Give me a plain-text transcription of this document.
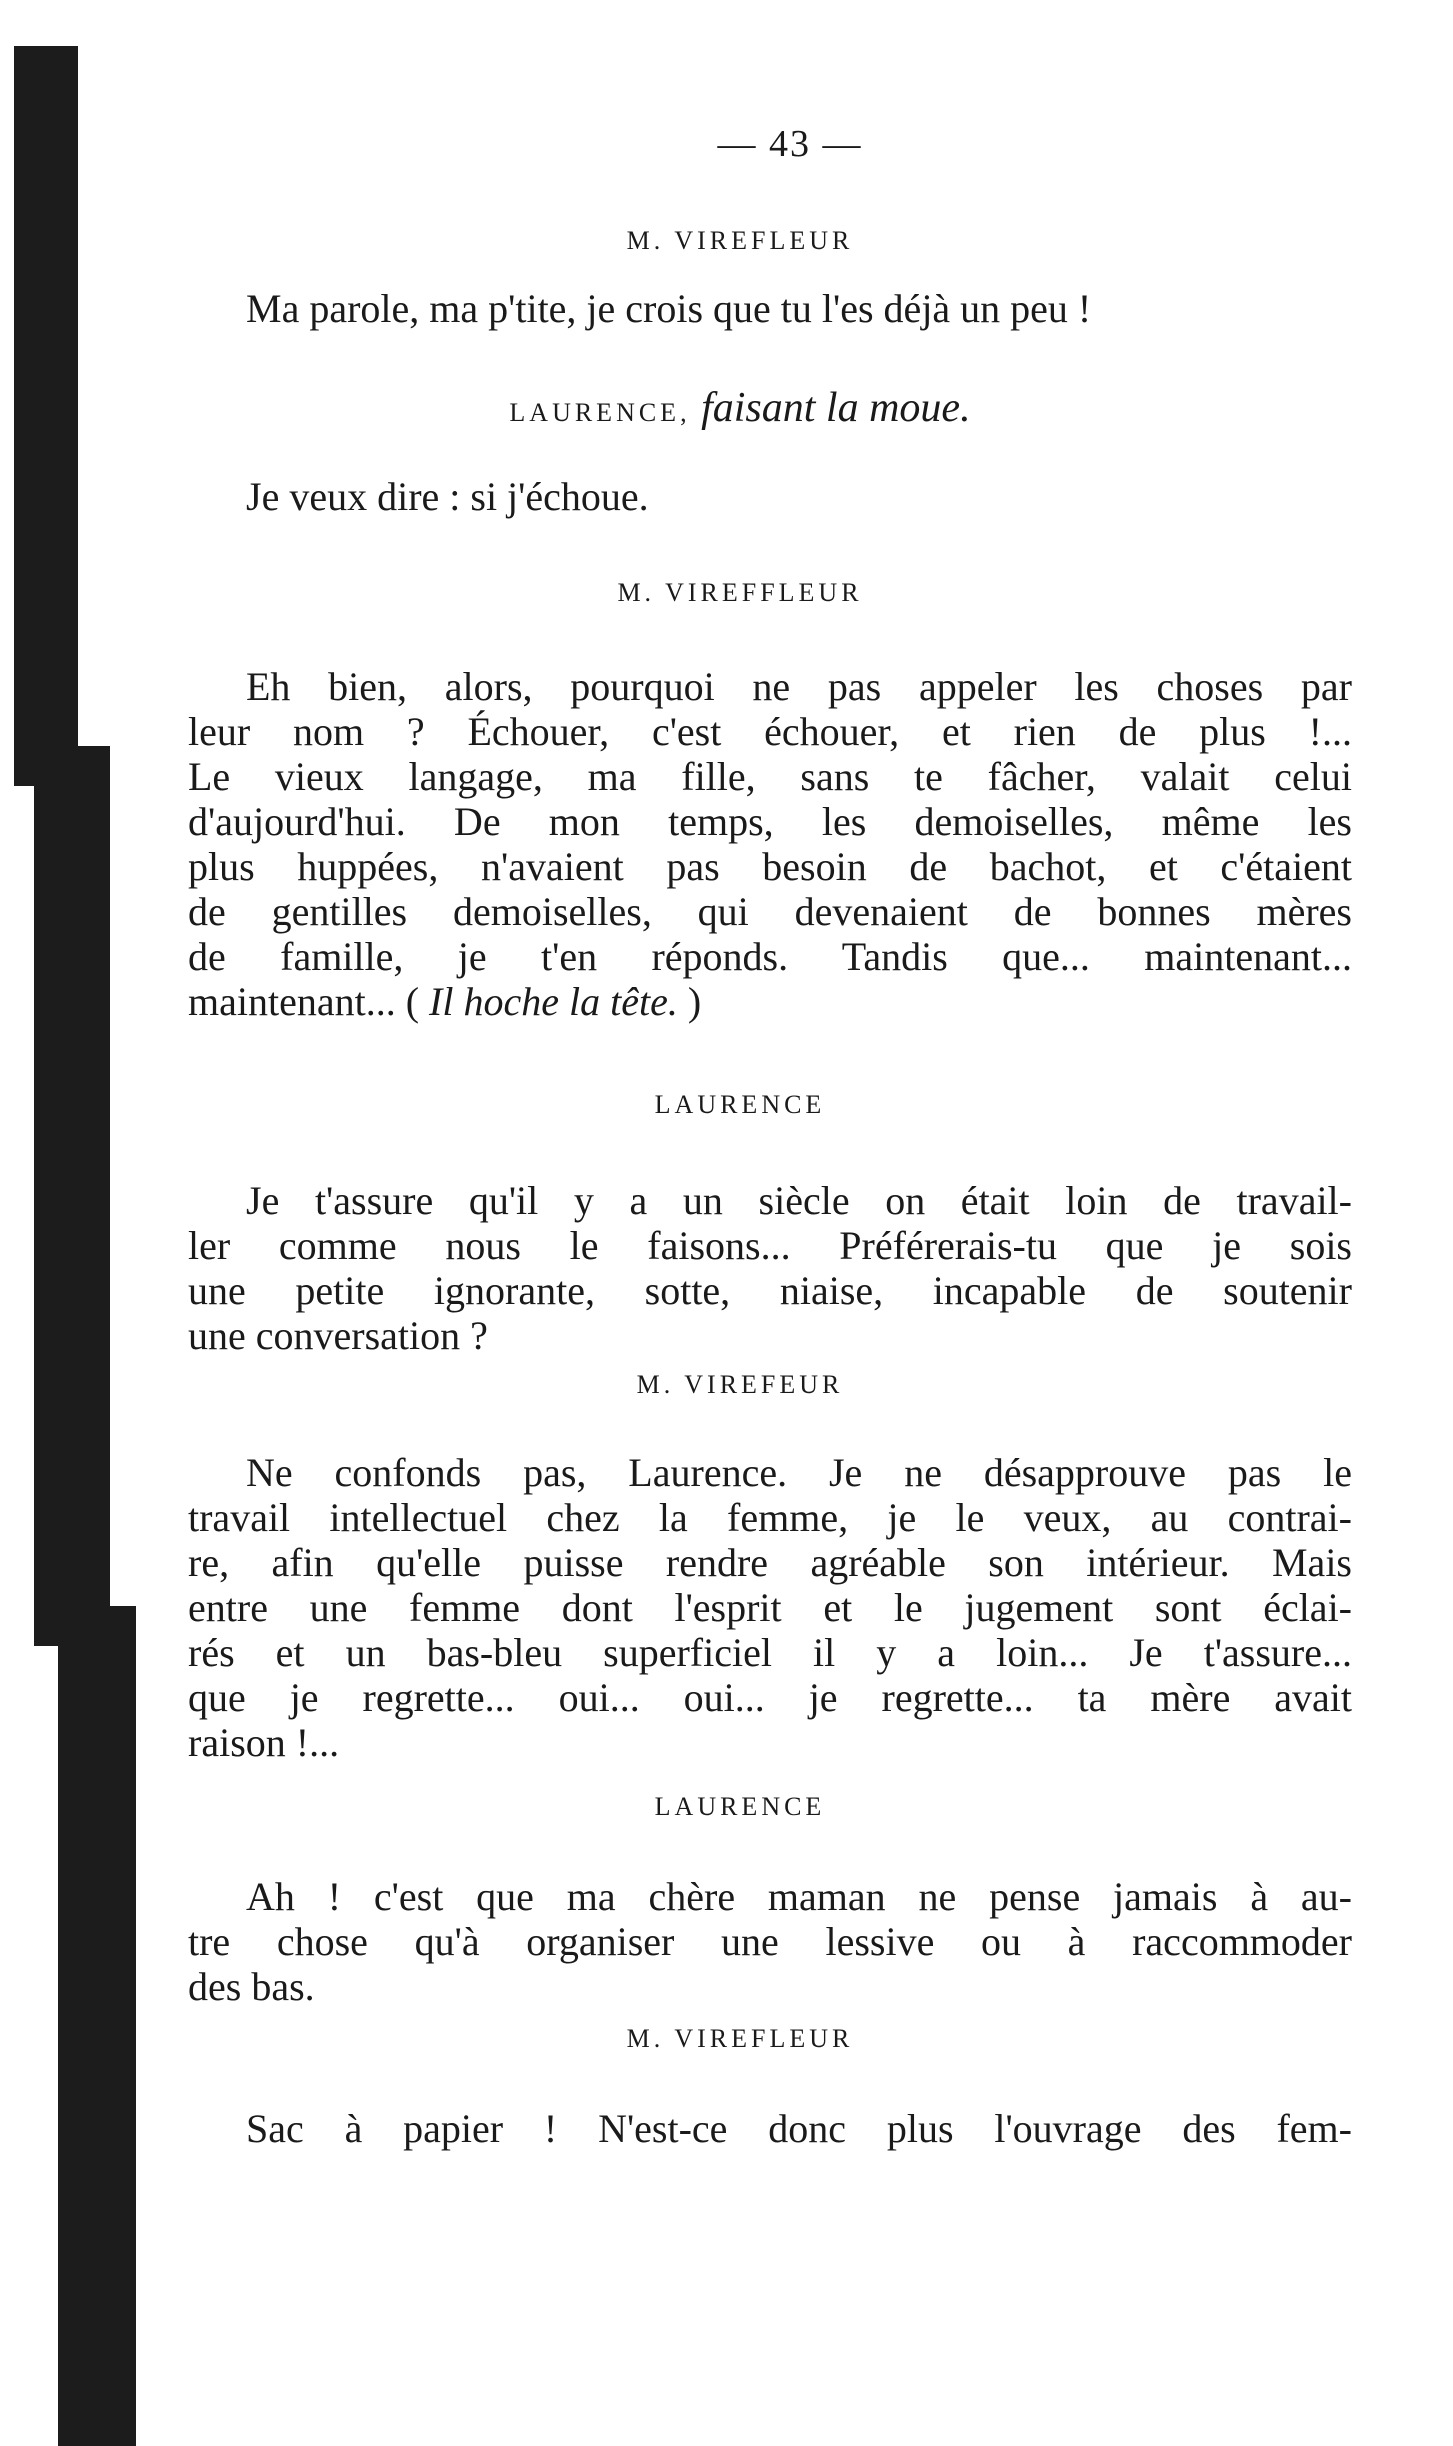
— 43 —
M. VIREFLEUR
Ma parole, ma p'tite, je crois que tu l'es déjà un peu !
LAURENCE, faisant la moue.
Je veux dire : si j'échoue.
M. VIREFFLEUR
Eh bien, alors, pourquoi ne pas appeler les choses par
leur nom ? Échouer, c'est échouer, et rien de plus !...
Le vieux langage, ma fille, sans te fâcher, valait celui
d'aujourd'hui. De mon temps, les demoiselles, même les
plus huppées, n'avaient pas besoin de bachot, et c'étaient
de gentilles demoiselles, qui devenaient de bonnes mères
de famille, je t'en réponds. Tandis que... maintenant...
maintenant... ( Il hoche la tête. )
LAURENCE
Je t'assure qu'il y a un siècle on était loin de travail-
ler comme nous le faisons... Préférerais-tu que je sois
une petite ignorante, sotte, niaise, incapable de soutenir
une conversation ?
M. VIREFEUR
Ne confonds pas, Laurence. Je ne désapprouve pas le
travail intellectuel chez la femme, je le veux, au contrai-
re, afin qu'elle puisse rendre agréable son intérieur. Mais
entre une femme dont l'esprit et le jugement sont éclai-
rés et un bas-bleu superficiel il y a loin... Je t'assure...
que je regrette... oui... oui... je regrette... ta mère avait
raison !...
LAURENCE
Ah ! c'est que ma chère maman ne pense jamais à au-
tre chose qu'à organiser une lessive ou à raccommoder
des bas.
M. VIREFLEUR
Sac à papier ! N'est-ce donc plus l'ouvrage des fem-
